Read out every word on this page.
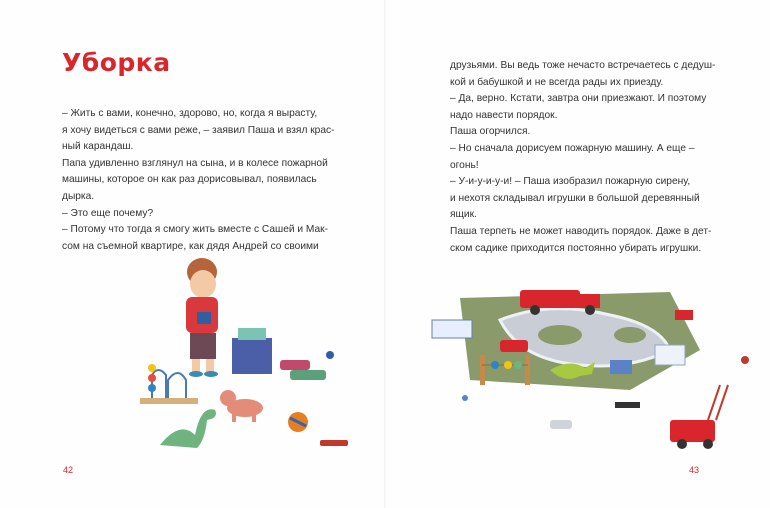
Уборка

– Жить с вами, конечно, здорово, но, когда я вырасту,
я хочу видеться с вами реже, – заявил Паша и взял крас-
ный карандаш.
Папа удивленно взглянул на сына, и в колесе пожарной
машины, которое он как раз дорисовывал, появилась
дырка.
– Это еще почему?
– Потому что тогда я смогу жить вместе с Сашей и Мак-
сом на съемной квартире, как дядя Андрей со своими

42

друзьями. Вы ведь тоже нечасто встречаетесь с дедуш-
кой и бабушкой и не всегда рады их приезду.
– Да, верно. Кстати, завтра они приезжают. И поэтому
надо навести порядок.
Паша огорчился.
– Но сначала дорисуем пожарную машину. А еще –
огонь!
– У-и-у-и-у-и! – Паша изобразил пожарную сирену,
и нехотя складывал игрушки в большой деревянный
ящик.
Паша терпеть не может наводить порядок. Даже в дет-
ском садике приходится постоянно убирать игрушки.

43
